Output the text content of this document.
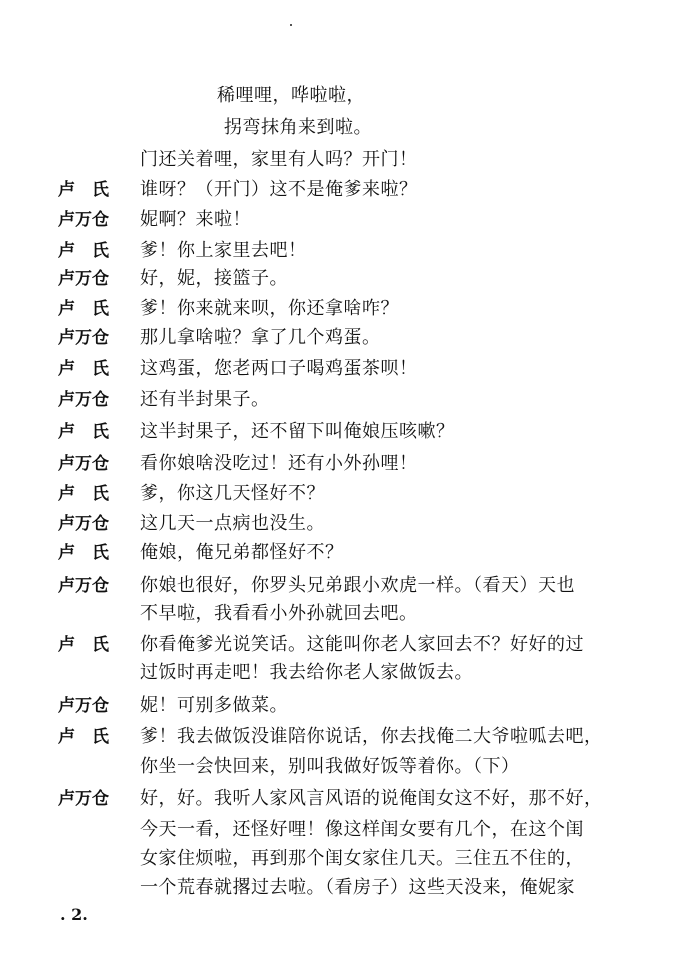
稀哩哩，哗啦啦，
拐弯抹角来到啦。
门还关着哩，家里有人吗？开门！
卢　氏	谁呀？（开门）这不是俺爹来啦？
卢万仓	妮啊？来啦！
卢　氏	爹！你上家里去吧！
卢万仓	好，妮，接篮子。
卢　氏	爹！你来就来呗，你还拿啥咋？
卢万仓	那儿拿啥啦？拿了几个鸡蛋。
卢　氏	这鸡蛋，您老两口子喝鸡蛋茶呗！
卢万仓	还有半封果子。
卢　氏	这半封果子，还不留下叫俺娘压咳嗽？
卢万仓	看你娘啥没吃过！还有小外孙哩！
卢　氏	爹，你这几天怪好不？
卢万仓	这几天一点病也没生。
卢　氏	俺娘，俺兄弟都怪好不？
卢万仓	你娘也很好，你罗头兄弟跟小欢虎一样。（看天）天也
不早啦，我看看小外孙就回去吧。
卢　氏	你看俺爹光说笑话。这能叫你老人家回去不？好好的过
过饭时再走吧！我去给你老人家做饭去。
卢万仓	妮！可别多做菜。
卢　氏	爹！我去做饭没谁陪你说话，你去找俺二大爷啦呱去吧，
你坐一会快回来，别叫我做好饭等着你。（下）
卢万仓	好，好。我听人家风言风语的说俺闺女这不好，那不好，
今天一看，还怪好哩！像这样闺女要有几个，在这个闺
女家住烦啦，再到那个闺女家住几天。三住五不住的，
一个荒春就撂过去啦。（看房子）这些天没来，俺妮家
. 2.
